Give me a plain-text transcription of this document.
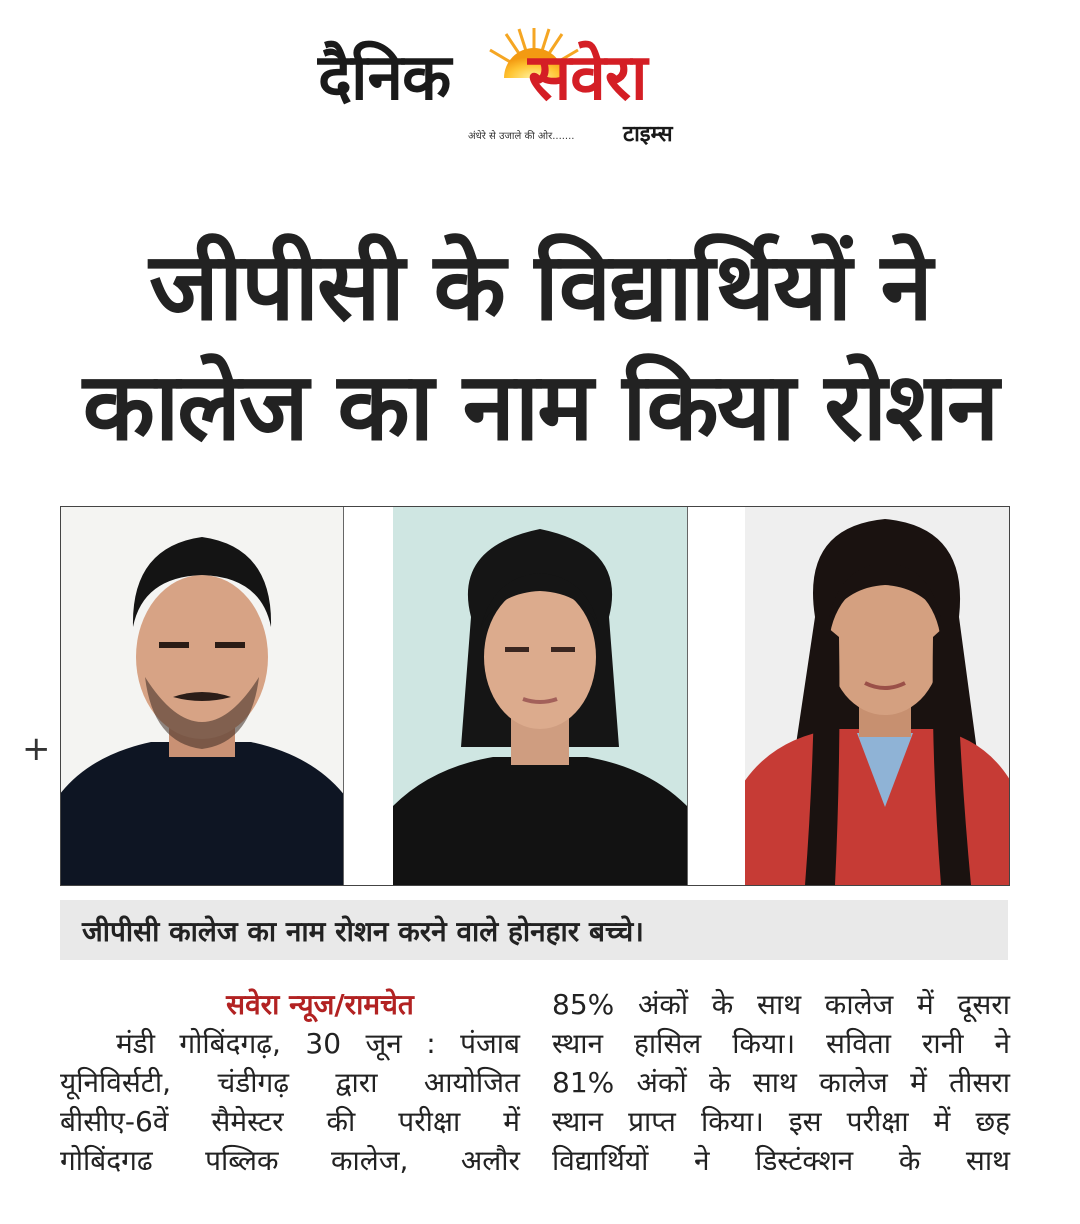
दैनिक सवेरा
अंधेरे से उजाले की ओर....... टाइम्स
जीपीसी के विद्यार्थियों ने
कालेज का नाम किया रोशन
+
जीपीसी कालेज का नाम रोशन करने वाले होनहार बच्चे।
सवेरा न्यूज/रामचेत
मंडी गोबिंदगढ़, 30 जून : पंजाब
यूनिविर्सटी, चंडीगढ़ द्वारा आयोजित
बीसीए-6वें सैमेस्टर की परीक्षा में
गोबिंदगढ पब्लिक कालेज, अलौर
85% अंकों के साथ कालेज में दूसरा
स्थान हासिल किया। सविता रानी ने
81% अंकों के साथ कालेज में तीसरा
स्थान प्राप्त किया। इस परीक्षा में छह
विद्यार्थियों ने डिस्टंक्शन के साथ
